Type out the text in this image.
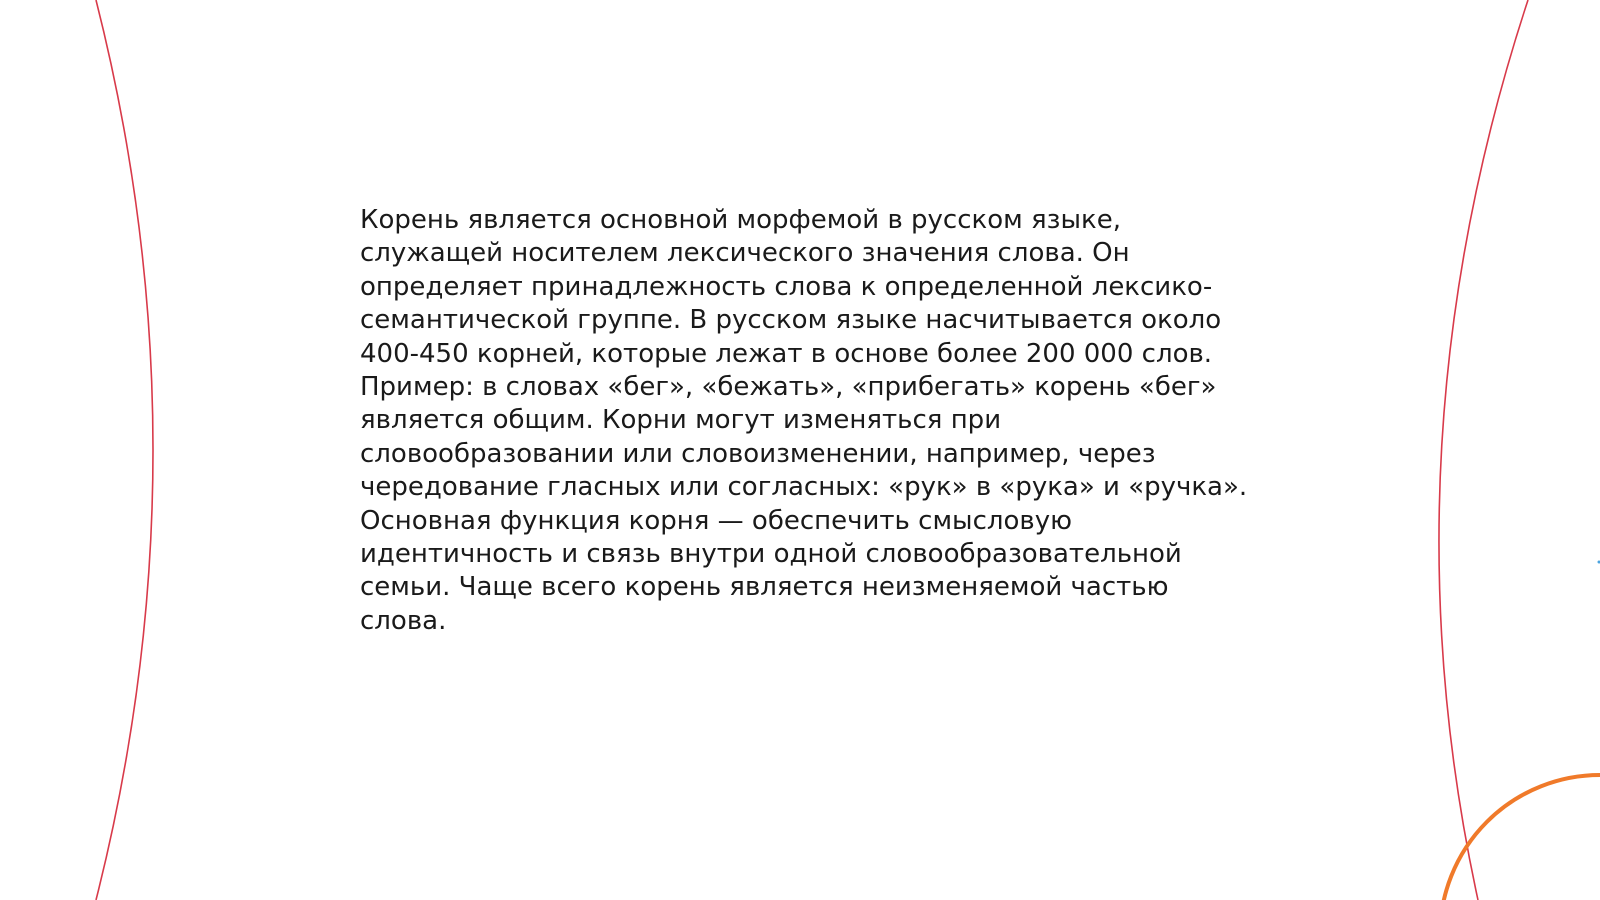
Корень является основной морфемой в русском языке,
служащей носителем лексического значения слова. Он
определяет принадлежность слова к определенной лексико-
семантической группе. В русском языке насчитывается около
400-450 корней, которые лежат в основе более 200 000 слов.
Пример: в словах «бег», «бежать», «прибегать» корень «бег»
является общим. Корни могут изменяться при
словообразовании или словоизменении, например, через
чередование гласных или согласных: «рук» в «рука» и «ручка».
Основная функция корня — обеспечить смысловую
идентичность и связь внутри одной словообразовательной
семьи. Чаще всего корень является неизменяемой частью
слова.
